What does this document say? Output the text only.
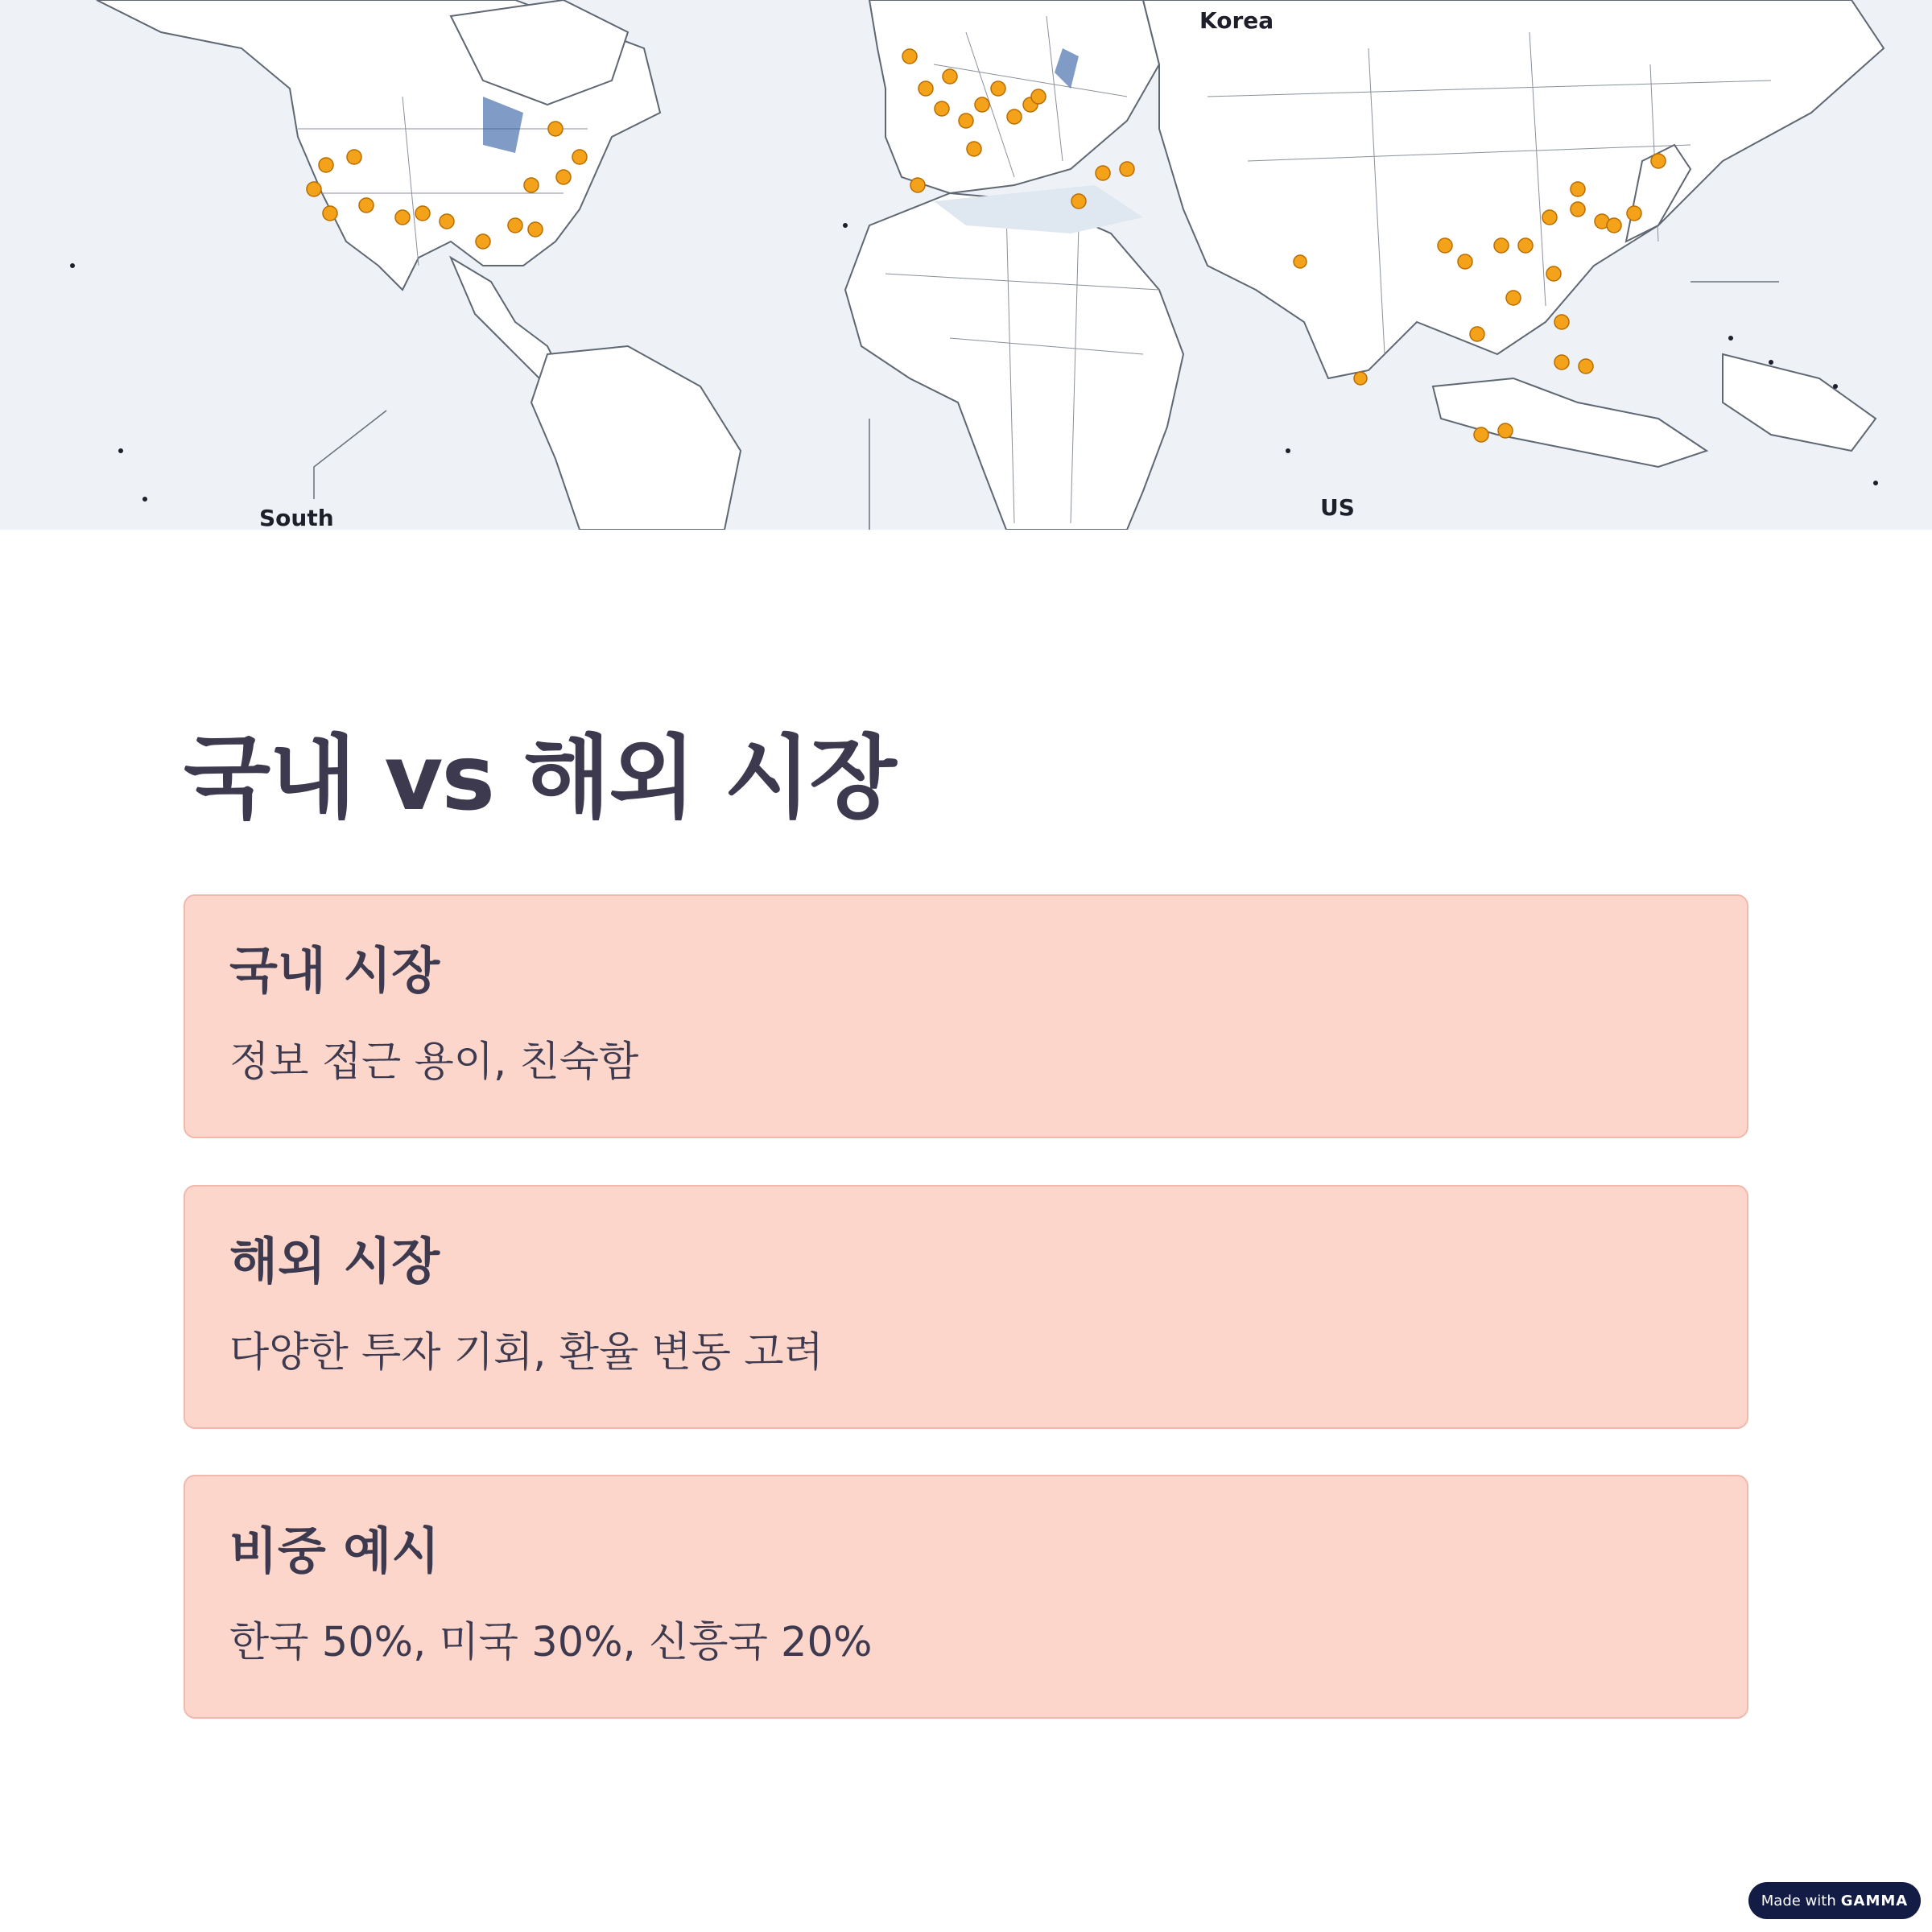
Korea
South	US
국내 vs 해외 시장
국내 시장

정보 접근 용이, 친숙함

해외 시장

다양한 투자 기회, 환율 변동 고려

비중 예시

한국 50%, 미국 30%, 신흥국 20%

Made with GAMMA
